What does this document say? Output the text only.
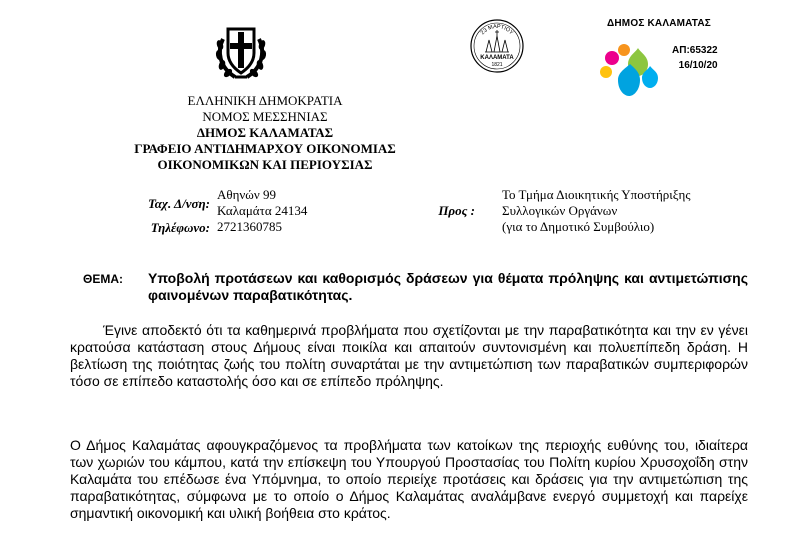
23 ΜΑΡΤΙΟΥ
ΚΑΛΑΜΑΤΑ
1821
ΔΗΜΟΣ ΚΑΛΑΜΑΤΑΣ
ΑΠ:65322
16/10/20
ΕΛΛΗΝΙΚΗ ΔΗΜΟΚΡΑΤΙΑ
ΝΟΜΟΣ ΜΕΣΣΗΝΙΑΣ
ΔΗΜΟΣ ΚΑΛΑΜΑΤΑΣ
ΓΡΑΦΕΙΟ ΑΝΤΙΔΗΜΑΡΧΟΥ ΟΙΚΟΝΟΜΙΑΣ
ΟΙΚΟΝΟΜΙΚΩΝ ΚΑΙ ΠΕΡΙΟΥΣΙΑΣ
Ταχ. Δ/νση:
Αθηνών 99
Καλαμάτα 24134
Τηλέφωνο: 2721360785
Προς :
Το Τμήμα Διοικητικής Υποστήριξης
Συλλογικών Οργάνων
(για το Δημοτικό Συμβούλιο)
ΘΕΜΑ: Υποβολή προτάσεων και καθορισμός δράσεων για θέματα πρόληψης και αντιμετώπισης φαινομένων παραβατικότητας.
Έγινε αποδεκτό ότι τα καθημερινά προβλήματα που σχετίζονται με την παραβατικότητα και την εν γένει κρατούσα κατάσταση στους Δήμους είναι ποικίλα και απαιτούν συντονισμένη και πολυεπίπεδη δράση. Η βελτίωση της ποιότητας ζωής του πολίτη συναρτάται με την αντιμετώπιση των παραβατικών συμπεριφορών τόσο σε επίπεδο καταστολής όσο και σε επίπεδο πρόληψης.
Ο Δήμος Καλαμάτας αφουγκραζόμενος τα προβλήματα των κατοίκων της περιοχής ευθύνης του, ιδιαίτερα των χωριών του κάμπου, κατά την επίσκεψη του Υπουργού Προστασίας του Πολίτη κυρίου Χρυσοχοΐδη στην Καλαμάτα του επέδωσε ένα Υπόμνημα, το οποίο περιείχε προτάσεις και δράσεις για την αντιμετώπιση της παραβατικότητας, σύμφωνα με το οποίο ο Δήμος Καλαμάτας αναλάμβανε ενεργό συμμετοχή και παρείχε σημαντική οικονομική και υλική βοήθεια στο κράτος.
